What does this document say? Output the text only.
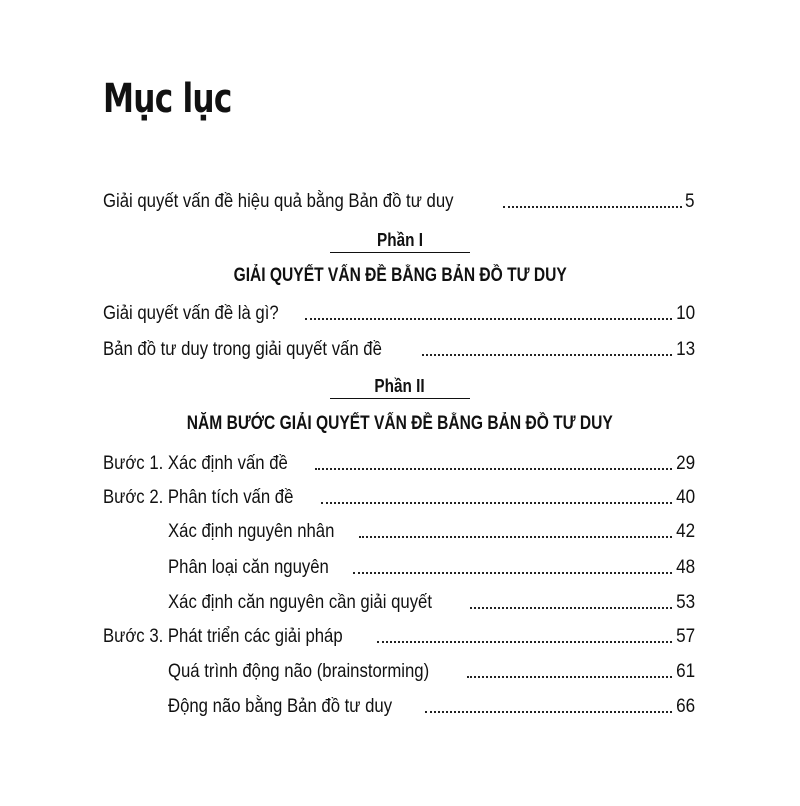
Mục lục
Giải quyết vấn đề hiệu quả bằng Bản đồ tư duy	5
Phần I
GIẢI QUYẾT VẤN ĐỀ BẰNG BẢN ĐỒ TƯ DUY
Giải quyết vấn đề là gì?	10
Bản đồ tư duy trong giải quyết vấn đề	13
Phần II
NĂM BƯỚC GIẢI QUYẾT VẤN ĐỀ BẰNG BẢN ĐỒ TƯ DUY
Bước 1. Xác định vấn đề	29
Bước 2. Phân tích vấn đề	40
Xác định nguyên nhân	42
Phân loại căn nguyên	48
Xác định căn nguyên cần giải quyết	53
Bước 3. Phát triển các giải pháp	57
Quá trình động não (brainstorming)	61
Động não bằng Bản đồ tư duy	66
